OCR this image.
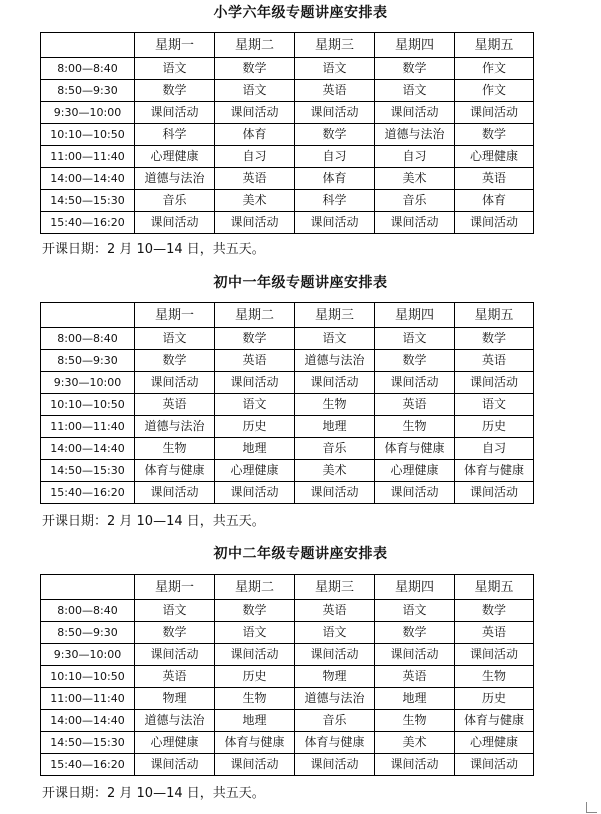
小学六年级专题讲座安排表
	星期一	星期二	星期三	星期四	星期五
8:00—8:40	语文	数学	语文	数学	作文
8:50—9:30	数学	语文	英语	语文	作文
9:30—10:00	课间活动	课间活动	课间活动	课间活动	课间活动
10:10—10:50	科学	体育	数学	道德与法治	数学
11:00—11:40	心理健康	自习	自习	自习	心理健康
14:00—14:40	道德与法治	英语	体育	美术	英语
14:50—15:30	音乐	美术	科学	音乐	体育
15:40—16:20	课间活动	课间活动	课间活动	课间活动	课间活动
开课日期：2 月 10—14 日，共五天。
初中一年级专题讲座安排表
	星期一	星期二	星期三	星期四	星期五
8:00—8:40	语文	数学	语文	语文	数学
8:50—9:30	数学	英语	道德与法治	数学	英语
9:30—10:00	课间活动	课间活动	课间活动	课间活动	课间活动
10:10—10:50	英语	语文	生物	英语	语文
11:00—11:40	道德与法治	历史	地理	生物	历史
14:00—14:40	生物	地理	音乐	体育与健康	自习
14:50—15:30	体育与健康	心理健康	美术	心理健康	体育与健康
15:40—16:20	课间活动	课间活动	课间活动	课间活动	课间活动
开课日期：2 月 10—14 日，共五天。
初中二年级专题讲座安排表
	星期一	星期二	星期三	星期四	星期五
8:00—8:40	语文	数学	英语	语文	数学
8:50—9:30	数学	语文	语文	数学	英语
9:30—10:00	课间活动	课间活动	课间活动	课间活动	课间活动
10:10—10:50	英语	历史	物理	英语	生物
11:00—11:40	物理	生物	道德与法治	地理	历史
14:00—14:40	道德与法治	地理	音乐	生物	体育与健康
14:50—15:30	心理健康	体育与健康	体育与健康	美术	心理健康
15:40—16:20	课间活动	课间活动	课间活动	课间活动	课间活动
开课日期：2 月 10—14 日，共五天。
